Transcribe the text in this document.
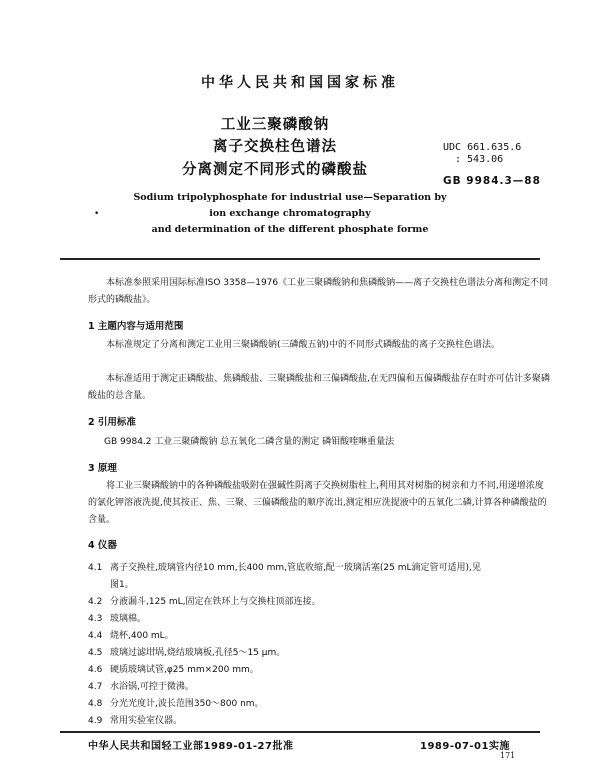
中华人民共和国国家标准
工业三聚磷酸钠
离子交换柱色谱法
分离测定不同形式的磷酸盐
UDC 661.635.6
: 543.06
GB 9984.3—88
Sodium tripolyphosphate for industrial use—Separation by
•	ion exchange chromatography
and determination of the different phosphate forme
本标准参照采用国际标准ISO 3358—1976《工业三聚磷酸钠和焦磷酸钠——离子交换柱色谱法分离和测定不同形式的磷酸盐》。
1 主题内容与适用范围
本标准规定了分离和测定工业用三聚磷酸钠(三磷酸五钠)中的不同形式磷酸盐的离子交换柱色谱法。
本标准适用于测定正磷酸盐、焦磷酸盐、三聚磷酸盐和三偏磷酸盐,在无四偏和五偏磷酸盐存在时亦可估计多聚磷酸盐的总含量。
2 引用标准
GB 9984.2 工业三聚磷酸钠 总五氧化二磷含量的测定 磷钼酸喹啉重量法
3 原理
将工业三聚磷酸钠中的各种磷酸盐吸附在强碱性阴离子交换树脂柱上,利用其对树脂的树亲和力不同,用递增浓度的氯化钾溶液洗提,使其按正、焦、三聚、三偏磷酸盐的顺序流出,测定相应洗提液中的五氧化二磷,计算各种磷酸盐的含量。
4 仪器
4.1 离子交换柱,玻璃管内径10 mm,长400 mm,管底收缩,配一玻璃活塞(25 mL滴定管可适用),见
图1。
4.2 分液漏斗,125 mL,固定在铁环上与交换柱顶部连接。
4.3 玻璃棉。
4.4 烧杯,400 mL。
4.5 玻璃过滤坩埚,烧结玻璃板,孔径5～15 μm。
4.6 硬质玻璃试管,φ25 mm×200 mm。
4.7 水浴锅,可控于微沸。
4.8 分光光度计,波长范围350～800 nm。
4.9 常用实验室仪器。
中华人民共和国轻工业部1989-01-27批准	1989-07-01实施
171
